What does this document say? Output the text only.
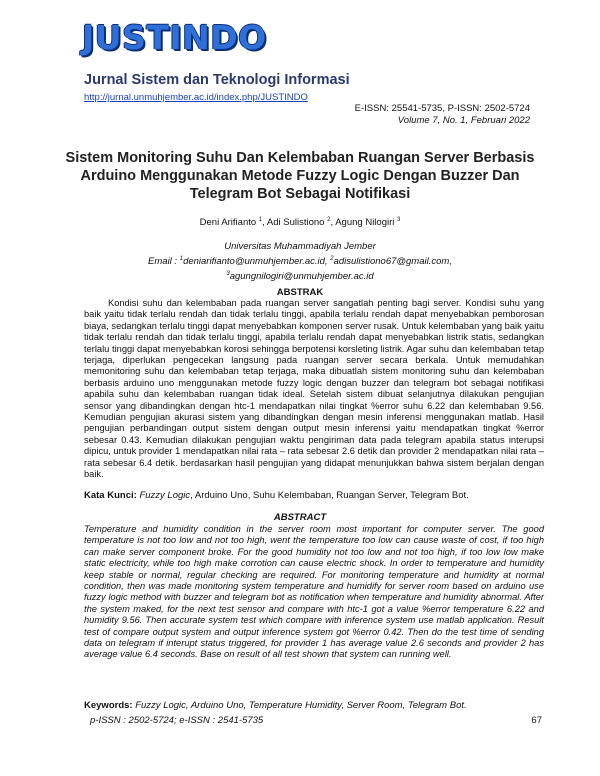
JUSTINDO
Jurnal Sistem dan Teknologi Informasi
http://jurnal.unmuhjember.ac.id/index.php/JUSTINDO
E-ISSN: 25541-5735, P-ISSN: 2502-5724
Volume 7, No. 1, Februari 2022
Sistem Monitoring Suhu Dan Kelembaban Ruangan Server Berbasis Arduino Menggunakan Metode Fuzzy Logic Dengan Buzzer Dan Telegram Bot Sebagai Notifikasi
Deni Arifianto $^1$, Adi Sulistiono $^2$, Agung Nilogiri $^3$
Universitas Muhammadiyah Jember
Email : $^1$deniarifianto@unmuhjember.ac.id, $^2$adisulistiono67@gmail.com,
$^3$agungnilogiri@unmuhjember.ac.id
ABSTRAK

Kondisi suhu dan kelembaban pada ruangan server sangatlah penting bagi server. Kondisi suhu yang baik yaitu tidak terlalu rendah dan tidak terlalu tinggi, apabila terlalu rendah dapat menyebabkan pemborosan biaya, sedangkan terlalu tinggi dapat menyebabkan komponen server rusak. Untuk kelembaban yang baik yaitu tidak terlalu rendah dan tidak terlalu tinggi, apabila terlalu rendah dapat menyebabkan listrik statis, sedangkan terlalu tinggi dapat menyebabkan korosi sehingga berpotensi korsleting listrik. Agar suhu dan kelembaban tetap terjaga, diperlukan pengecekan langsung pada ruangan server secara berkala. Untuk memudahkan memonitoring suhu dan kelembaban tetap terjaga, maka dibuatlah sistem monitoring suhu dan kelembaban berbasis arduino uno menggunakan metode fuzzy logic dengan buzzer dan telegram bot sebagai notifikasi apabila suhu dan kelembaban ruangan tidak ideal. Setelah sistem dibuat selanjutnya dilakukan pengujian sensor yang dibandingkan dengan htc-1 mendapatkan nilai tingkat %error suhu 6.22 dan kelembaban 9.56. Kemudian pengujian akurasi sistem yang dibandingkan dengan mesin inferensi menggunakan matlab. Hasil pengujian perbandingan output sistem dengan output mesin inferensi yaitu mendapatkan tingkat %error sebesar 0.43. Kemudian dilakukan pengujian waktu pengiriman data pada telegram apabila status interupsi dipicu, untuk provider 1 mendapatkan nilai rata – rata sebesar 2.6 detik dan provider 2 mendapatkan nilai rata – rata sebesar 6.4 detik. berdasarkan hasil pengujian yang didapat menunjukkan bahwa sistem berjalan dengan baik.

Kata Kunci: Fuzzy Logic, Arduino Uno, Suhu Kelembaban, Ruangan Server, Telegram Bot.
ABSTRACT
Temperature and humidity condition in the server room most important for computer server. The good temperature is not too low and not too high, went the temperature too low can cause waste of cost, if too high can make server component broke. For the good humidity not too low and not too high, if too low low make static electricity, while too high make corrotion can cause electric shock. In order to temperature and humidity keep stable or normal, regular checking are required. For monitoring temperature and humidity at normal condition, then was made monitoring system temperature and humidify for server room based on arduino use fuzzy logic method with buzzer and telegram bot as notification when temperature and humidity abnormal. After the system maked, for the next test sensor and compare with htc-1 got a value %error temperature 6.22 and humidity 9.56. Then accurate system test which compare with inference system use matlab application. Result test of compare output system and output inference system got %error 0.42. Then do the test time of sending data on telegram if interupt status triggered, for provider 1 has average value 2.6 seconds and provider 2 has average value 6.4 seconds. Base on result of all test shown that system can running well.
Keywords: Fuzzy Logic, Arduino Uno, Temperature Humidity, Server Room, Telegram Bot.
p-ISSN : 2502-5724; e-ISSN : 2541-5735	67
